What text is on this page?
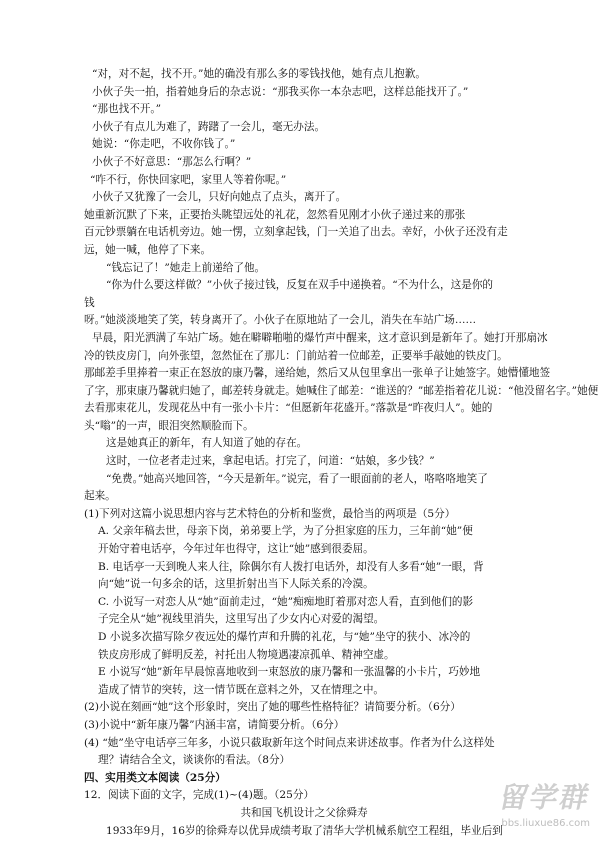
“对，对不起，找不开。”她的确没有那么多的零钱找他，她有点儿抱歉。
小伙子失一拍，指着她身后的杂志说：“那我买你一本杂志吧，这样总能找开了。”
“那也找不开。”
小伙子有点儿为难了，踌躇了一会儿，毫无办法。
她说：“你走吧，不收你钱了。”
小伙子不好意思：“那怎么行啊？”
“咋不行，你快回家吧，家里人等着你呢。”
小伙子又犹豫了一会儿，只好向她点了点头，离开了。
她重新沉默了下来，正要抬头眺望远处的礼花，忽然看见刚才小伙子递过来的那张
百元钞票躺在电话机旁边。她一愣，立刻拿起钱，门一关追了出去。幸好，小伙子还没有走
远，她一喊，他停了下来。
“钱忘记了！”她走上前递给了他。
“你为什么要这样做？”小伙子接过钱，反复在双手中递换着。“不为什么，这是你的
钱
呀。”她淡淡地笑了笑，转身离开了。小伙子在原地站了一会儿，消失在车站广场……
早晨，阳光洒满了车站广场。她在噼噼啪啪的爆竹声中醒来，这才意识到是新年了。她打开那扇冰
冷的铁皮房门，向外张望，忽然怔在了那儿：门前站着一位邮差，正要举手敲她的铁皮门。
那邮差手里捧着一束正在怒放的康乃馨，递给她，然后又从包里拿出一张单子让她签字。她懵懂地签
了字，那束康乃馨就归她了，邮差转身就走。她喊住了邮差：“谁送的？”邮差指着花儿说：“他没留名字。”她便
去看那束花儿，发现花丛中有一张小卡片：“但愿新年花盛开。”落款是“昨夜归人”。她的
头“嗡”的一声，眼泪突然顺脸而下。
这是她真正的新年，有人知道了她的存在。
这时，一位老者走过来，拿起电话。打完了，问道：“姑娘，多少钱？”
“免费。”她高兴地回答，“今天是新年。”说完，看了一眼面前的老人，咯咯咯地笑了
起来。
(1)下列对这篇小说思想内容与艺术特色的分析和鉴赏，最恰当的两项是（5分）
A. 父亲年稿去世，母亲下岗，弟弟要上学，为了分担家庭的压力，三年前“她”便
开始守着电话亭，今年过年也得守，这让“她”感到很委屈。
B. 电话亭一天到晚人来人往，除偶尔有人拨打电话外，却没有人多看“她”一眼，背
向“她”说一句多余的话，这里折射出当下人际关系的冷漠。
C. 小说写一对恋人从“她”面前走过，“她”痴痴地盯着那对恋人看，直到他们的影
子完全从“她”视线里消失，这里写出了少女内心对爱的渴望。
D 小说多次描写除夕夜远处的爆竹声和升腾的礼花，与“她”坐守的狭小、冰冷的
铁皮房形成了鲜明反差，衬托出人物境遇凄凉孤单、精神空虚。
E 小说写“她”新年早晨惊喜地收到一束怒放的康乃馨和一张温馨的小卡片，巧妙地
造成了情节的突转，这一情节既在意料之外，又在情理之中。
(2)小说在刻画“她”这个形象时，突出了她的哪些性格特征？请简要分析。（6分）
(3)小说中“新年康乃馨”内涵丰富，请简要分析。（6分）
(4) “她”坐守电话亭三年多，小说只截取新年这个时间点来讲述故事。作者为什么这样处
理？请结合全文，谈谈你的看法。（8分）
四、实用类文本阅读（25分）
12．阅读下面的文字，完成(1)~(4)题。（25分）
共和国飞机设计之父徐舜寿
1933年9月，16岁的徐舜寿以优异成绩考取了清华大学机械系航空工程组，毕业后到
留学群
bbs.liuxue86.com
